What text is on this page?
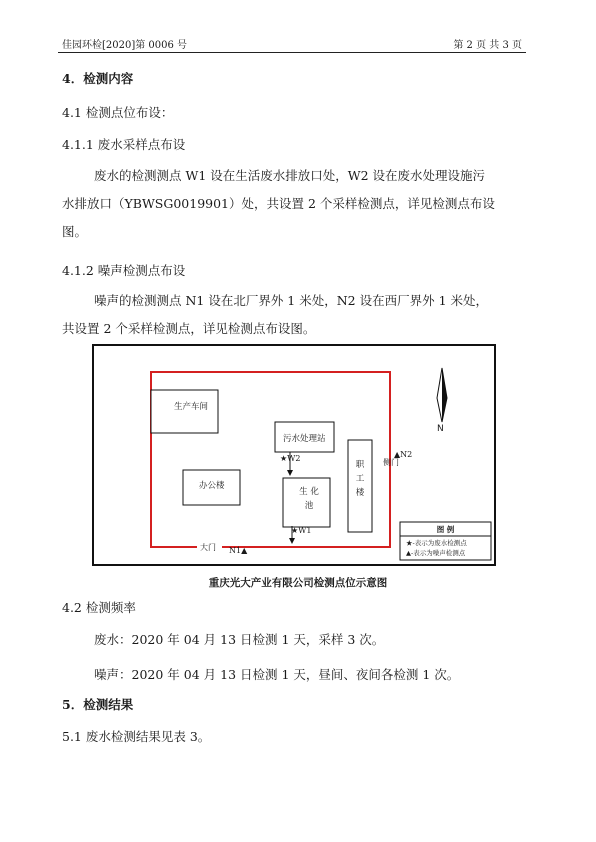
佳园环检[2020]第 0006 号	第 2 页 共 3 页
4．检测内容
4.1 检测点位布设：
4.1.1 废水采样点布设
废水的检测测点 W1 设在生活废水排放口处，W2 设在废水处理设施污
水排放口（YBWSG0019901）处，共设置 2 个采样检测点，详见检测点布设
图。
4.1.2 噪声检测点布设
噪声的检测测点 N1 设在北厂界外 1 米处，N2 设在西厂界外 1 米处，
共设置 2 个采样检测点，详见检测点布设图。
生产车间
污水处理站
办公楼
生 化 池
职 工 楼
侧门
大门
N
★W2
★W1
▲N2
N1▲
图 例
★-表示为废水检测点
▲-表示为噪声检测点
重庆光大产业有限公司检测点位示意图
4.2 检测频率
废水：2020 年 04 月 13 日检测 1 天，采样 3 次。
噪声：2020 年 04 月 13 日检测 1 天，昼间、夜间各检测 1 次。
5．检测结果
5.1 废水检测结果见表 3。
